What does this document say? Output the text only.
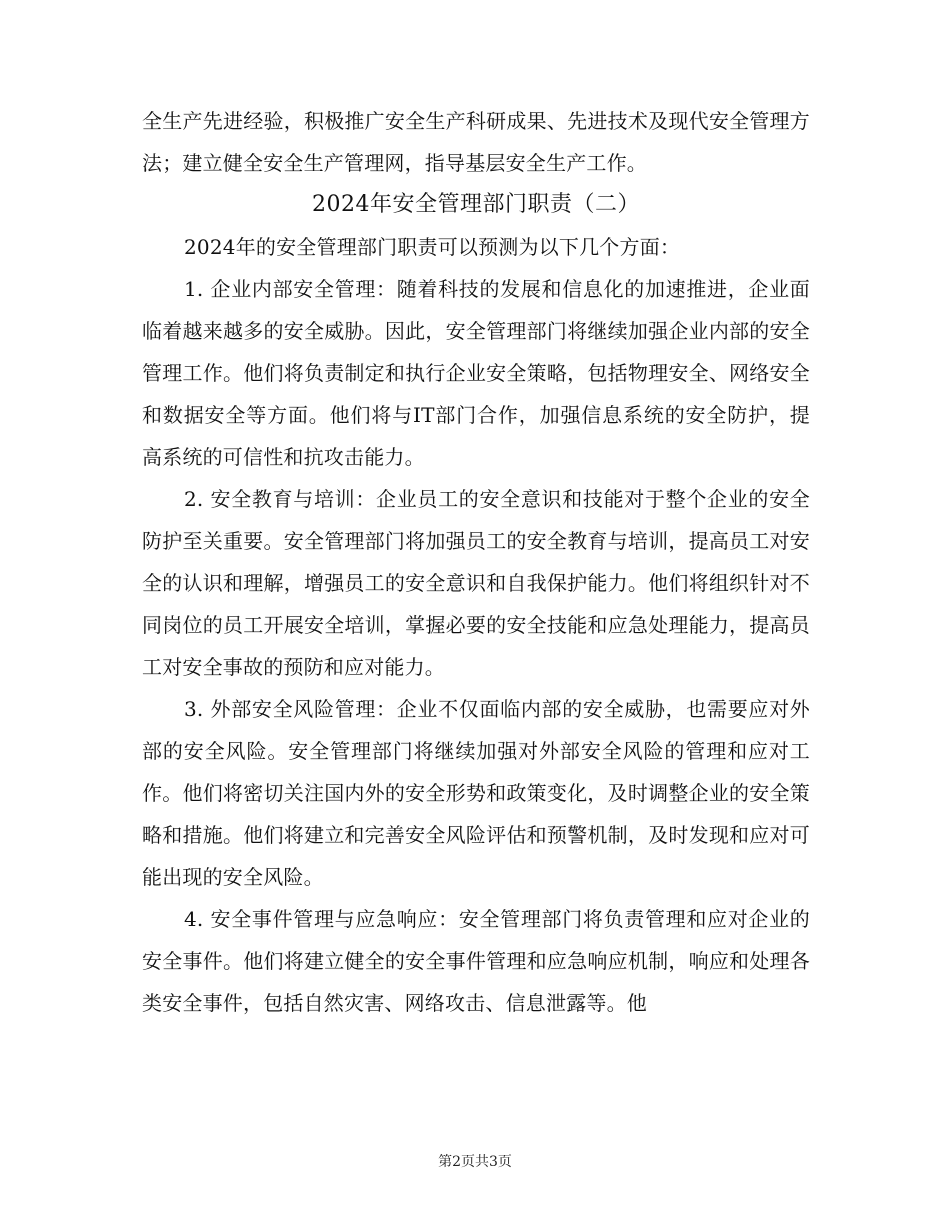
全生产先进经验，积极推广安全生产科研成果、先进技术及现代安全管理方法；建立健全安全生产管理网，指导基层安全生产工作。

2024年安全管理部门职责（二）

2024年的安全管理部门职责可以预测为以下几个方面：

1. 企业内部安全管理：随着科技的发展和信息化的加速推进，企业面临着越来越多的安全威胁。因此，安全管理部门将继续加强企业内部的安全管理工作。他们将负责制定和执行企业安全策略，包括物理安全、网络安全和数据安全等方面。他们将与IT部门合作，加强信息系统的安全防护，提高系统的可信性和抗攻击能力。

2. 安全教育与培训：企业员工的安全意识和技能对于整个企业的安全防护至关重要。安全管理部门将加强员工的安全教育与培训，提高员工对安全的认识和理解，增强员工的安全意识和自我保护能力。他们将组织针对不同岗位的员工开展安全培训，掌握必要的安全技能和应急处理能力，提高员工对安全事故的预防和应对能力。

3. 外部安全风险管理：企业不仅面临内部的安全威胁，也需要应对外部的安全风险。安全管理部门将继续加强对外部安全风险的管理和应对工作。他们将密切关注国内外的安全形势和政策变化，及时调整企业的安全策略和措施。他们将建立和完善安全风险评估和预警机制，及时发现和应对可能出现的安全风险。

4. 安全事件管理与应急响应：安全管理部门将负责管理和应对企业的安全事件。他们将建立健全的安全事件管理和应急响应机制，响应和处理各类安全事件，包括自然灾害、网络攻击、信息泄露等。他

第2页共3页
